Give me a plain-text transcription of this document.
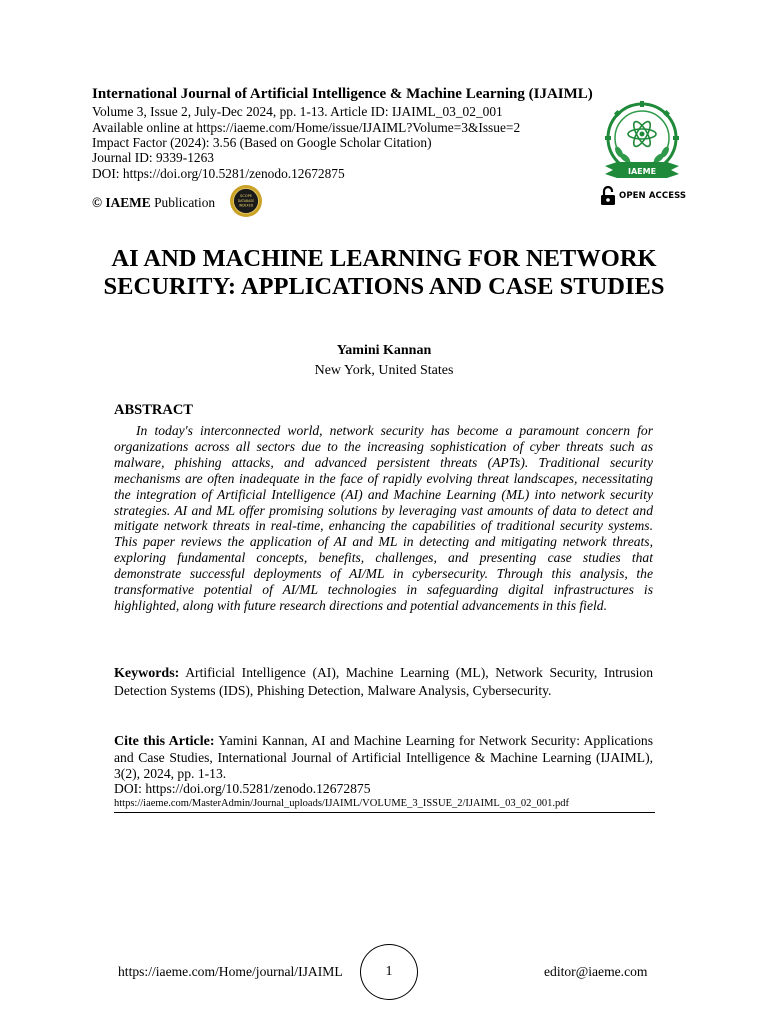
International Journal of Artificial Intelligence & Machine Learning (IJAIML)
Volume 3, Issue 2, July-Dec 2024, pp. 1-13. Article ID: IJAIML_03_02_001
Available online at https://iaeme.com/Home/issue/IJAIML?Volume=3&Issue=2
Impact Factor (2024): 3.56 (Based on Google Scholar Citation)
Journal ID: 9339-1263
DOI: https://doi.org/10.5281/zenodo.12672875
© IAEME Publication	SCOPE
DATABASE
INDEXED
IAEME
OPEN ACCESS
AI AND MACHINE LEARNING FOR NETWORK SECURITY: APPLICATIONS AND CASE STUDIES
Yamini Kannan
New York, United States
ABSTRACT
In today's interconnected world, network security has become a paramount concern for organizations across all sectors due to the increasing sophistication of cyber threats such as malware, phishing attacks, and advanced persistent threats (APTs). Traditional security mechanisms are often inadequate in the face of rapidly evolving threat landscapes, necessitating the integration of Artificial Intelligence (AI) and Machine Learning (ML) into network security strategies. AI and ML offer promising solutions by leveraging vast amounts of data to detect and mitigate network threats in real-time, enhancing the capabilities of traditional security systems. This paper reviews the application of AI and ML in detecting and mitigating network threats, exploring fundamental concepts, benefits, challenges, and presenting case studies that demonstrate successful deployments of AI/ML in cybersecurity. Through this analysis, the transformative potential of AI/ML technologies in safeguarding digital infrastructures is highlighted, along with future research directions and potential advancements in this field.
Keywords: Artificial Intelligence (AI), Machine Learning (ML), Network Security, Intrusion Detection Systems (IDS), Phishing Detection, Malware Analysis, Cybersecurity.
Cite this Article: Yamini Kannan, AI and Machine Learning for Network Security: Applications and Case Studies, International Journal of Artificial Intelligence & Machine Learning (IJAIML), 3(2), 2024, pp. 1-13.
DOI: https://doi.org/10.5281/zenodo.12672875
https://iaeme.com/MasterAdmin/Journal_uploads/IJAIML/VOLUME_3_ISSUE_2/IJAIML_03_02_001.pdf
https://iaeme.com/Home/journal/IJAIML	1	editor@iaeme.com
